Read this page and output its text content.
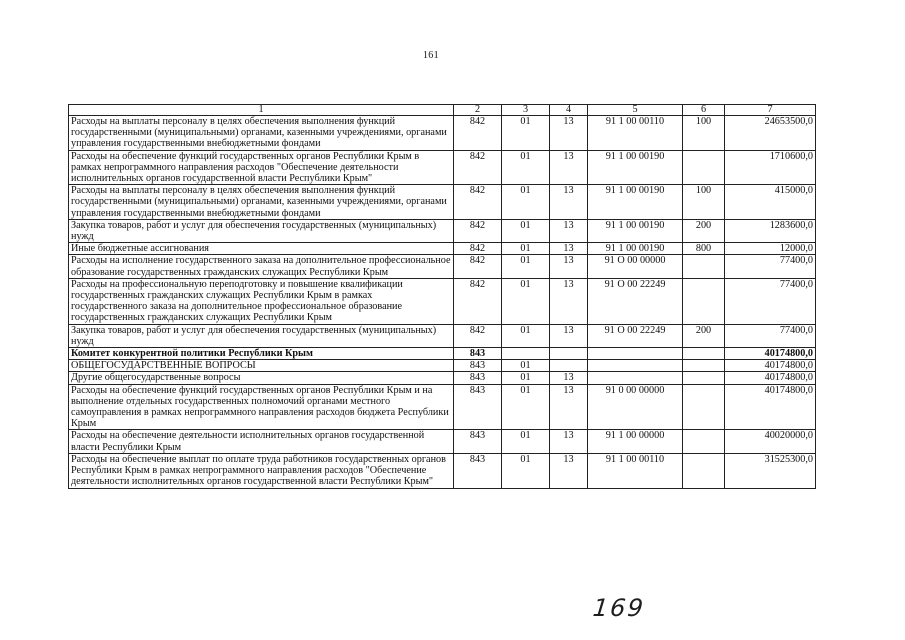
161
1	2	3	4	5	6	7
Расходы на выплаты персоналу в целях обеспечения выполнения функций государственными (муниципальными) органами, казенными учреждениями, органами управления государственными внебюджетными фондами	842	01	13	91 1 00 00110	100	24653500,0
Расходы на обеспечение функций государственных органов Республики Крым в рамках непрограммного направления расходов "Обеспечение деятельности исполнительных органов государственной власти Республики Крым"	842	01	13	91 1 00 00190		1710600,0
Расходы на выплаты персоналу в целях обеспечения выполнения функций государственными (муниципальными) органами, казенными учреждениями, органами управления государственными внебюджетными фондами	842	01	13	91 1 00 00190	100	415000,0
Закупка товаров, работ и услуг для обеспечения государственных (муниципальных) нужд	842	01	13	91 1 00 00190	200	1283600,0
Иные бюджетные ассигнования	842	01	13	91 1 00 00190	800	12000,0
Расходы на исполнение государственного заказа на дополнительное профессиональное образование государственных гражданских служащих Республики Крым	842	01	13	91 О 00 00000		77400,0
Расходы на профессиональную переподготовку и повышение квалификации государственных гражданских служащих Республики Крым в рамках государственного заказа на дополнительное профессиональное образование государственных гражданских служащих Республики Крым	842	01	13	91 О 00 22249		77400,0
Закупка товаров, работ и услуг для обеспечения государственных (муниципальных) нужд	842	01	13	91 О 00 22249	200	77400,0
Комитет конкурентной политики Республики Крым	843					40174800,0
ОБЩЕГОСУДАРСТВЕННЫЕ ВОПРОСЫ	843	01				40174800,0
Другие общегосударственные вопросы	843	01	13			40174800,0
Расходы на обеспечение функций государственных органов Республики Крым и на выполнение отдельных государственных полномочий органами местного самоуправления в рамках непрограммного направления расходов бюджета Республики Крым	843	01	13	91 0 00 00000		40174800,0
Расходы на обеспечение деятельности исполнительных органов государственной власти Республики Крым	843	01	13	91 1 00 00000		40020000,0
Расходы на обеспечение выплат по оплате труда работников государственных органов Республики Крым в рамках непрограммного направления расходов "Обеспечение деятельности исполнительных органов государственной власти Республики Крым"	843	01	13	91 1 00 00110		31525300,0
169
